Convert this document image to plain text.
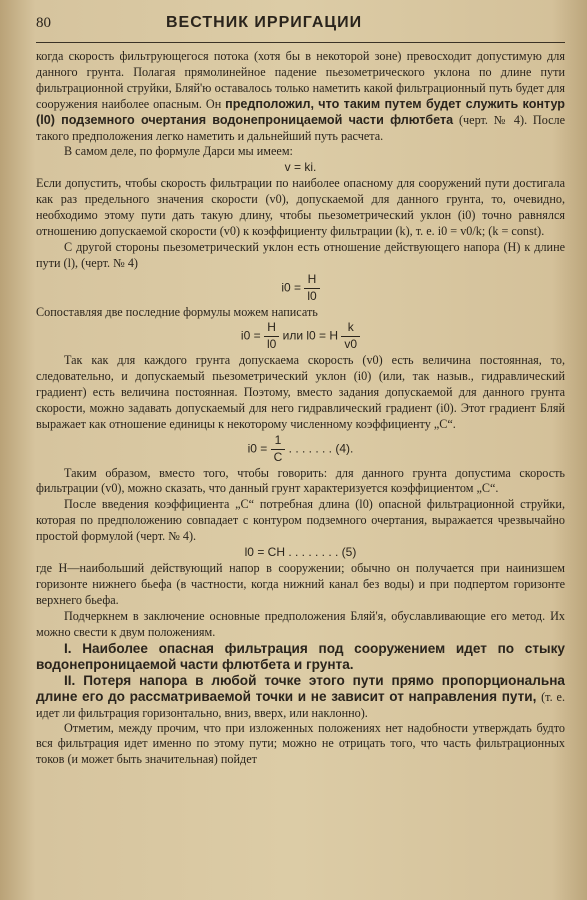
80	ВЕСТНИК ИРРИГАЦИИ

когда скорость фильтрующегося потока (хотя бы в некоторой зоне) превосходит допустимую для данного грунта. Полагая прямолинейное падение пьезометрического уклона по длине пути фильтрационной струйки, Бляй'ю оставалось только наметить какой фильтрационный путь будет для сооружения наиболее опасным. Он предположил, что таким путем будет служить контур (l0) подземного очертания водонепроницаемой части флютбета (черт. № 4). После такого предположения легко наметить и дальнейший путь расчета.

В самом деле, по формуле Дарси мы имеем:

v = ki.

Если допустить, чтобы скорость фильтрации по наиболее опасному для сооружений пути достигала как раз предельного значения скорости (v0), допускаемой для данного грунта, то, очевидно, необходимо этому пути дать такую длину, чтобы пьезометрический уклон (i0) точно равнялся отношению допускаемой скорости (v0) к коэффициенту фильтрации (k), т. е. i0 = v0/k; (k = const).

С другой стороны пьезометрический уклон есть отношение действующего напора (H) к длине пути (l), (черт. № 4)

$i0 = \frac{H}{l0}$

Сопоставляя две последние формулы можем написать

$i0 = \frac{H}{l0}$ или l0 = H $\frac{k}{v0}$

Так как для каждого грунта допускаема скорость (v0) есть величина постоянная, то, следовательно, и допускаемый пьезометрический уклон (i0) (или, так назыв., гидравлический градиент) есть величина постоянная. Поэтому, вместо задания допускаемой для данного грунта скорости, можно задавать допускаемый для него гидравлический градиент (i0). Этот градиент Бляй выражает как отношение единицы к некоторому численному коэффициенту „C“.

$i0 = \frac{1}{C}$ . . . . . . . (4).

Таким образом, вместо того, чтобы говорить: для данного грунта допустима скорость фильтрации (v0), можно сказать, что данный грунт характеризуется коэффициентом „C“.

После введения коэффициента „C“ потребная длина (l0) опасной фильтрационной струйки, которая по предположению совпадает с контуром подземного очертания, выражается чрезвычайно простой формулой (черт. № 4).

l0 = CH . . . . . . . . (5)

где H—наибольший действующий напор в сооружении; обычно он получается при наинизшем горизонте нижнего бьефа (в частности, когда нижний канал без воды) и при подпертом горизонте верхнего бьефа.

Подчеркнем в заключение основные предположения Бляй'я, обуславливающие его метод. Их можно свести к двум положениям.

I. Наиболее опасная фильтрация под сооружением идет по стыку водонепроницаемой части флютбета и грунта.

II. Потеря напора в любой точке этого пути прямо пропорциональна длине его до рассматриваемой точки и не зависит от направления пути, (т. е. идет ли фильтрация горизонтально, вниз, вверх, или наклонно).

Отметим, между прочим, что при изложенных положениях нет надобности утверждать будто вся фильтрация идет именно по этому пути; можно не отрицать того, что часть фильтрационных токов (и может быть значительная) пойдет
